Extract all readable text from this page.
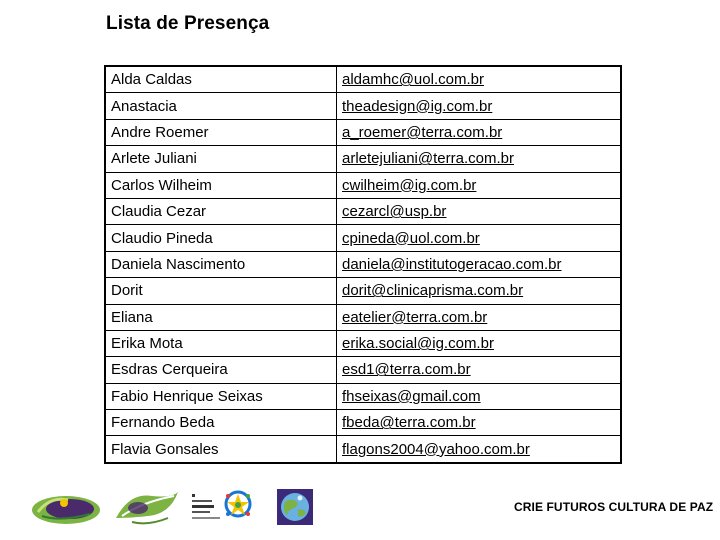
Lista de Presença
Alda Caldas	aldamhc@uol.com.br
Anastacia	theadesign@ig.com.br
Andre Roemer	a_roemer@terra.com.br
Arlete Juliani	arletejuliani@terra.com.br
Carlos Wilheim	cwilheim@ig.com.br
Claudia Cezar	cezarcl@usp.br
Claudio Pineda	cpineda@uol.com.br
Daniela Nascimento	daniela@institutogeracao.com.br
Dorit	dorit@clinicaprisma.com.br
Eliana	eatelier@terra.com.br
Erika Mota	erika.social@ig.com.br
Esdras Cerqueira	esd1@terra.com.br
Fabio Henrique Seixas	fhseixas@gmail.com
Fernando Beda	fbeda@terra.com.br
Flavia Gonsales	flagons2004@yahoo.com.br
CRIE FUTUROS CULTURA DE PAZ
